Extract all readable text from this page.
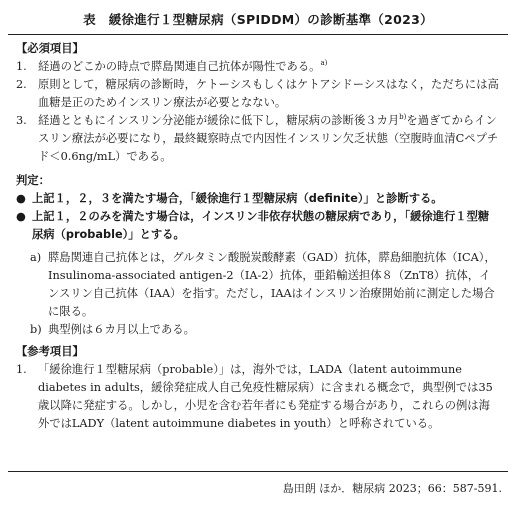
表　緩徐進行１型糖尿病（SPIDDM）の診断基準（2023）
【必須項目】
1. 経過のどこかの時点で膵島関連自己抗体が陽性である。$^{a)}$
2. 原則として，糖尿病の診断時，ケトーシスもしくはケトアシドーシスはなく，ただちには高血糖是正のためインスリン療法が必要となない。
3. 経過とともにインスリン分泌能が緩徐に低下し，糖尿病の診断後３カ月$^{b)}$を過ぎてからインスリン療法が必要になり，最終観察時点で内因性インスリン欠乏状態（空腹時血清Cペプチド＜0.6ng/mL）である。
判定：
● 上記１，２，３を満たす場合，「緩徐進行１型糖尿病（definite）」と診断する。
● 上記１，２のみを満たす場合は，インスリン非依存状態の糖尿病であり，「緩徐進行１型糖尿病（probable）」とする。
a) 膵島関連自己抗体とは，グルタミン酸脱炭酸酵素（GAD）抗体，膵島細胞抗体（ICA），Insulinoma-associated antigen-2（IA-2）抗体，亜鉛輸送担体８（ZnT8）抗体，インスリン自己抗体（IAA）を指す。ただし，IAAはインスリン治療開始前に測定した場合に限る。
b) 典型例は６カ月以上である。
【参考項目】
1. 「緩徐進行１型糖尿病（probable）」は，海外では，LADA（latent autoimmune diabetes in adults，緩徐発症成人自己免疫性糖尿病）に含まれる概念で，典型例では35歳以降に発症する。しかし，小児を含む若年者にも発症する場合があり，これらの例は海外ではLADY（latent autoimmune diabetes in youth）と呼称されている。
島田朗 ほか．糖尿病 2023；66：587-591.
